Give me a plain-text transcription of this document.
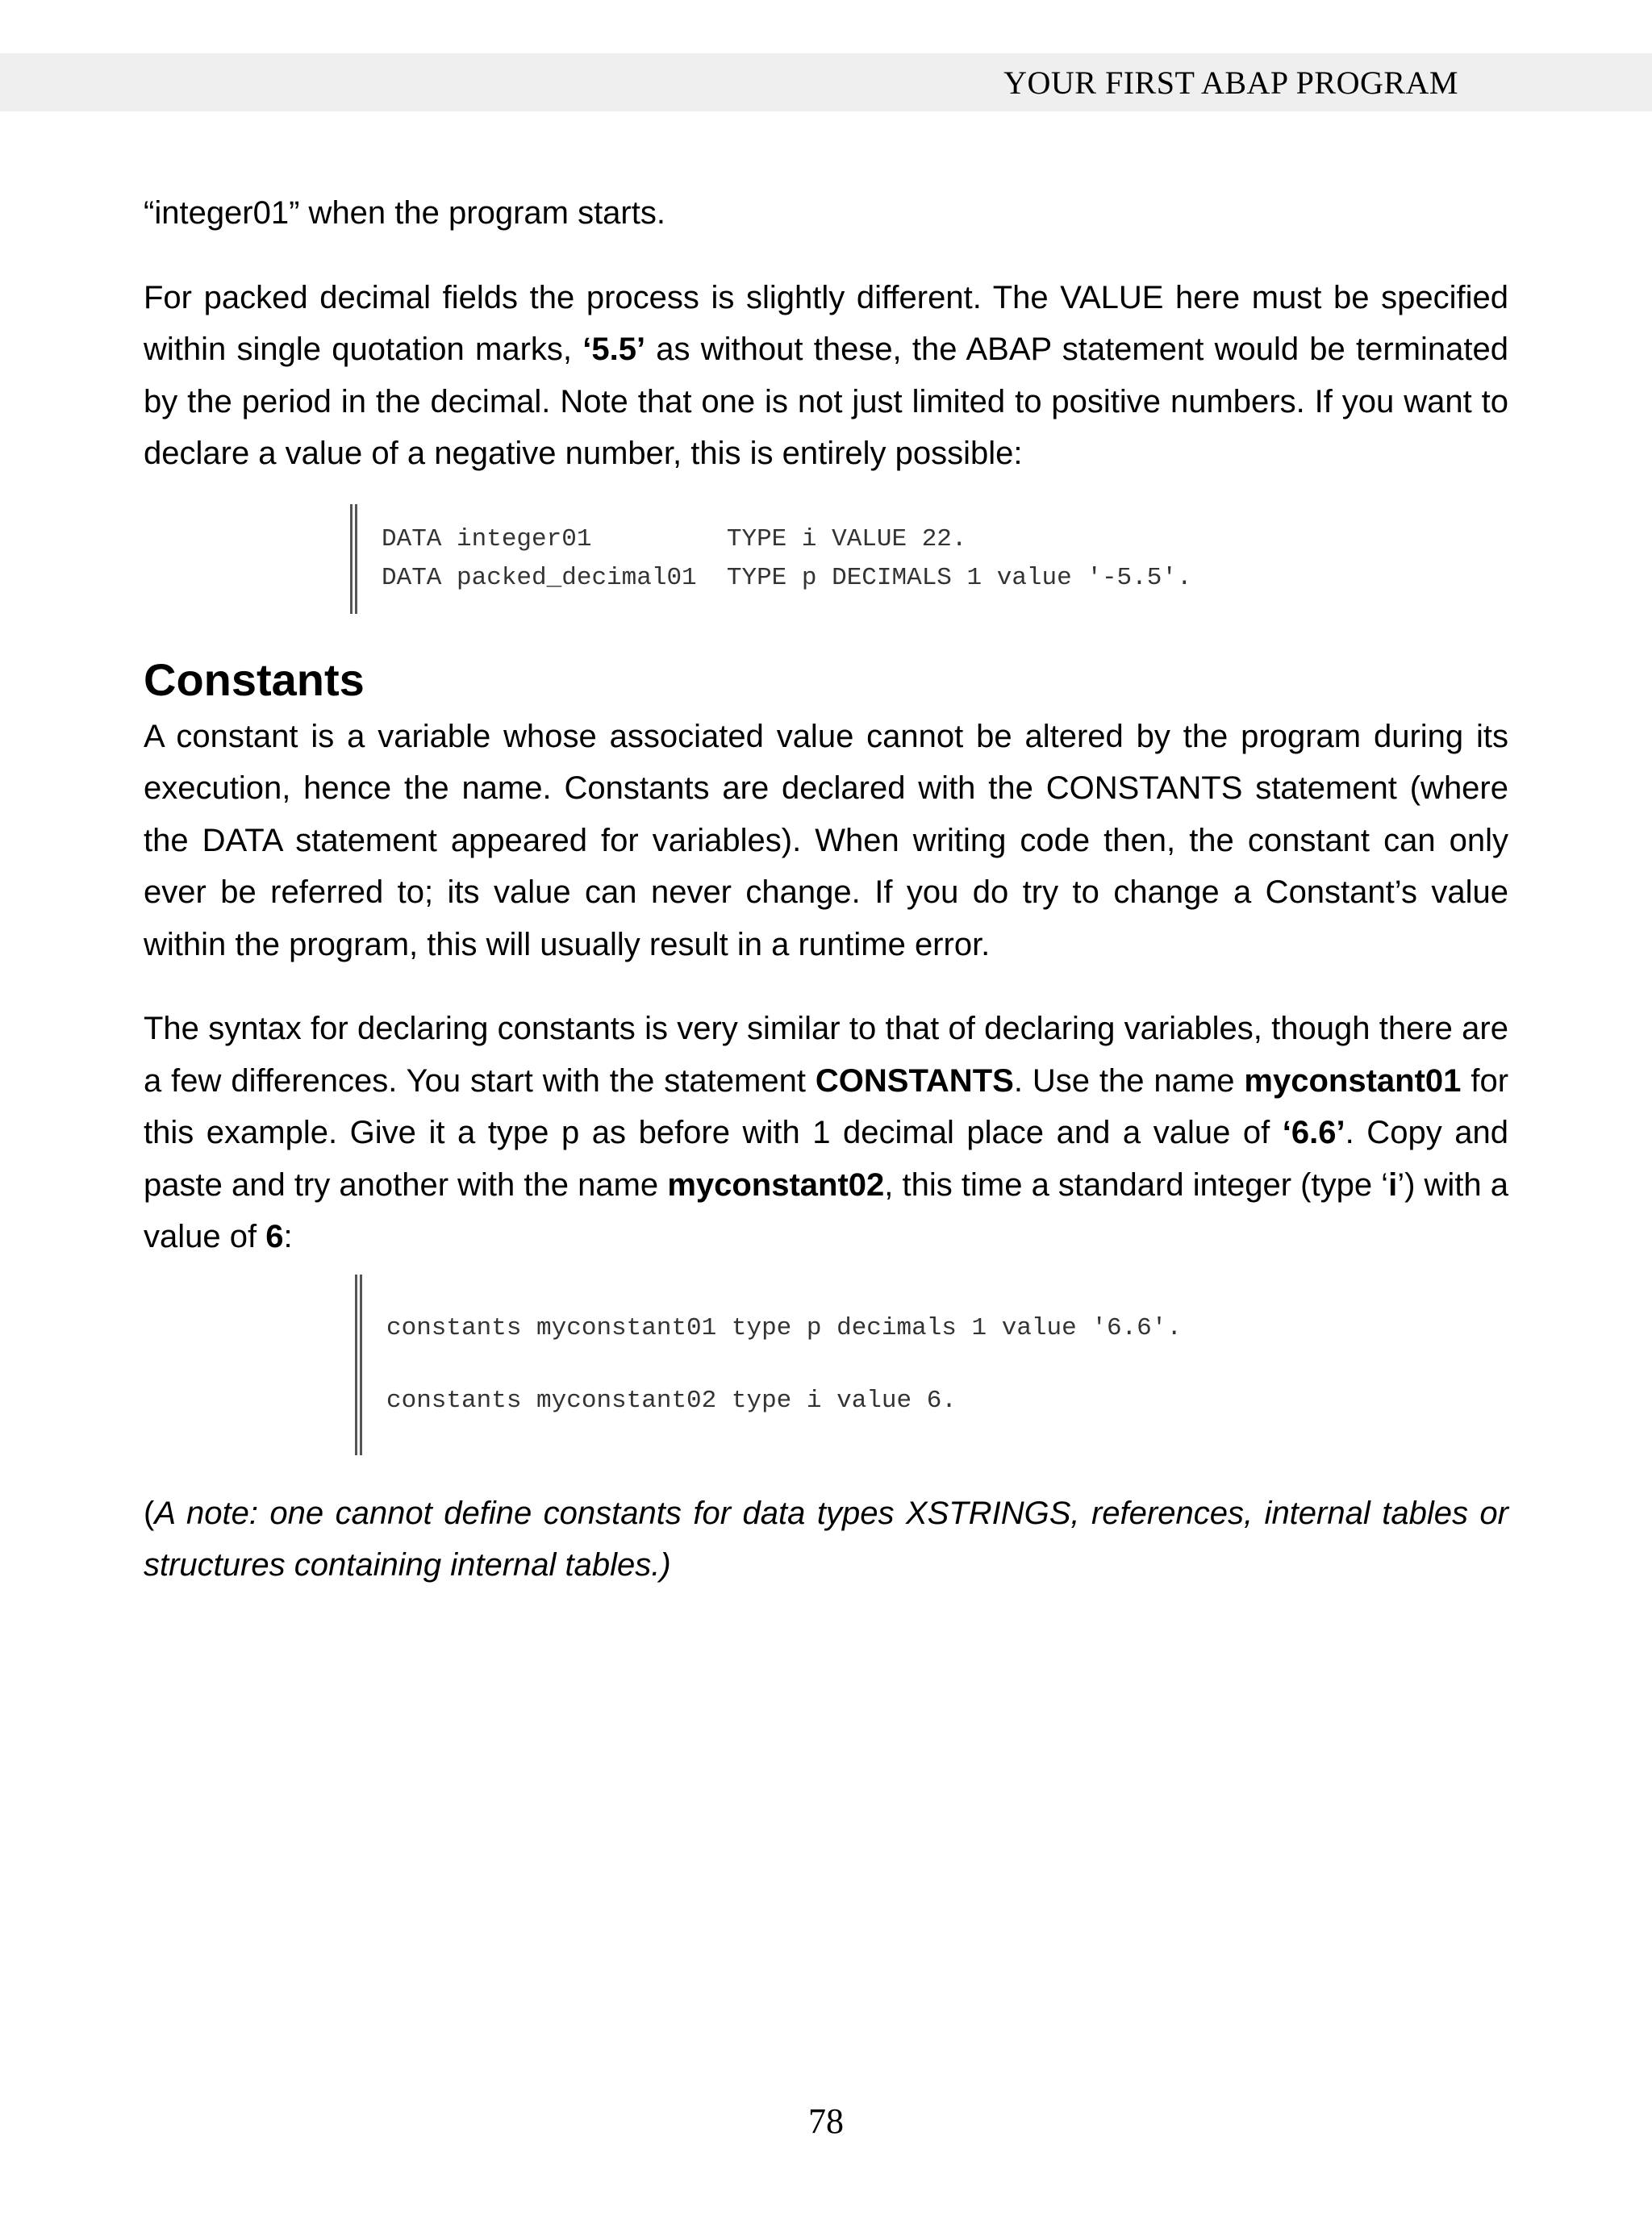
YOUR FIRST ABAP PROGRAM

“integer01” when the program starts.

For packed decimal fields the process is slightly different. The VALUE here must be specified within single quotation marks, ‘5.5’ as without these, the ABAP statement would be terminated by the period in the decimal. Note that one is not just limited to positive numbers. If you want to declare a value of a negative number, this is entirely possible:

DATA integer01         TYPE i VALUE 22.
DATA packed_decimal01  TYPE p DECIMALS 1 value '-5.5'.
Constants

A constant is a variable whose associated value cannot be altered by the program during its execution, hence the name. Constants are declared with the CONSTANTS statement (where the DATA statement appeared for variables). When writing code then, the constant can only ever be referred to; its value can never change. If you do try to change a Constant’s value within the program, this will usually result in a runtime error.

The syntax for declaring constants is very similar to that of declaring variables, though there are a few differences. You start with the statement CONSTANTS. Use the name myconstant01 for this example. Give it a type p as before with 1 decimal place and a value of ‘6.6’. Copy and paste and try another with the name myconstant02, this time a standard integer (type ‘i’) with a value of 6:

constants myconstant01 type p decimals 1 value '6.6'.
constants myconstant02 type i value 6.

(A note: one cannot define constants for data types XSTRINGS, references, internal tables or structures containing internal tables.)

78
